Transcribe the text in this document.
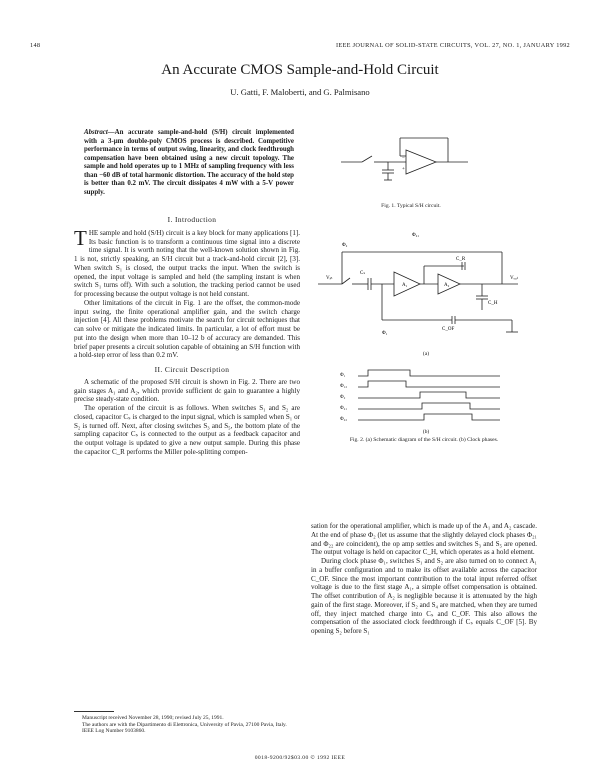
148	IEEE JOURNAL OF SOLID-STATE CIRCUITS, VOL. 27, NO. 1, JANUARY 1992
An Accurate CMOS Sample-and-Hold Circuit
U. Gatti, F. Maloberti, and G. Palmisano
Abstract—An accurate sample-and-hold (S/H) circuit implemented with a 3-μm double-poly CMOS process is described. Competitive performance in terms of output swing, linearity, and clock feedthrough compensation have been obtained using a new circuit topology. The sample and hold operates up to 1 MHz of sampling frequency with less than −60 dB of total harmonic distortion. The accuracy of the hold step is better than 0.2 mV. The circuit dissipates 4 mW with a 5-V power supply.

I. Introduction

THE sample and hold (S/H) circuit is a key block for many applications [1]. Its basic function is to transform a continuous time signal into a discrete time signal. It is worth noting that the well-known solution shown in Fig. 1 is not, strictly speaking, an S/H circuit but a track-and-hold circuit [2], [3]. When switch S₁ is closed, the output tracks the input. When the switch is opened, the input voltage is sampled and held (the sampling instant is when switch S₁ turns off). With such a solution, the tracking period cannot be used for processing because the output voltage is not held constant.

Other limitations of the circuit in Fig. 1 are the offset, the common-mode input swing, the finite operational amplifier gain, and the switch charge injection [4]. All these problems motivate the search for circuit techniques that can solve or mitigate the indicated limits. In particular, a lot of effort must be put into the design when more than 10–12 b of accuracy are demanded. This brief paper presents a circuit solution capable of obtaining an S/H function with a hold-step error of less than 0.2 mV.

II. Circuit Description

A schematic of the proposed S/H circuit is shown in Fig. 2. There are two gain stages A₁ and A₂, which provide sufficient dc gain to guarantee a highly precise steady-state condition.

The operation of the circuit is as follows. When switches S₁ and S₂ are closed, capacitor Cₛ is charged to the input signal, which is sampled when S₁ or S₂ is turned off. Next, after closing switches S₃ and S₅, the bottom plate of the sampling capacitor Cₛ is connected to the output as a feedback capacitor and the output voltage is updated to give a new output sample. During this phase the capacitor C_R performs the Miller pole-splitting compen-

sation for the operational amplifier, which is made up of the A₁ and A₂ cascade. At the end of phase Φ₂ (let us assume that the slightly delayed clock phases Φ₂₁ and Φ₂₂ are coincident), the op amp settles and switches S₃ and S₅ are opened. The output voltage is held on capacitor C_H, which operates as a hold element.

During clock phase Φ₁, switches S₁ and S₂ are also turned on to connect A₁ in a buffer configuration and to make its offset available across the capacitor C_OF. Since the most important contribution to the total input referred offset voltage is due to the first stage A₁, a simple offset compensation is obtained. The offset contribution of A₂ is negligible because it is attenuated by the high gain of the first stage. Moreover, if S₂ and S₄ are matched, when they are turned off, they inject matched charge into Cₛ and C_OF. This also allows the compensation of the associated clock feedthrough if Cₛ equals C_OF [5]. By opening S₂ before S₁

−
+
Fig. 1. Typical S/H circuit.
Vᵢₙ
Cₛ
A₁	A₂
Vₒᵤₜ
C_H
C_R
C_OF
Φ₂₁
Φ₂
Φ₁
(a)
Φ₁
Φ₁₂
Φ₂
Φ₂₁
Φ₂₂
(b)
Fig. 2. (a) Schematic diagram of the S/H circuit. (b) Clock phases.

Manuscript received November 28, 1990; revised July 25, 1991.

The authors are with the Dipartimento di Elettronica, University of Pavia, 27100 Pavia, Italy.

IEEE Log Number 9103860.

0018-9200/92$03.00 © 1992 IEEE
